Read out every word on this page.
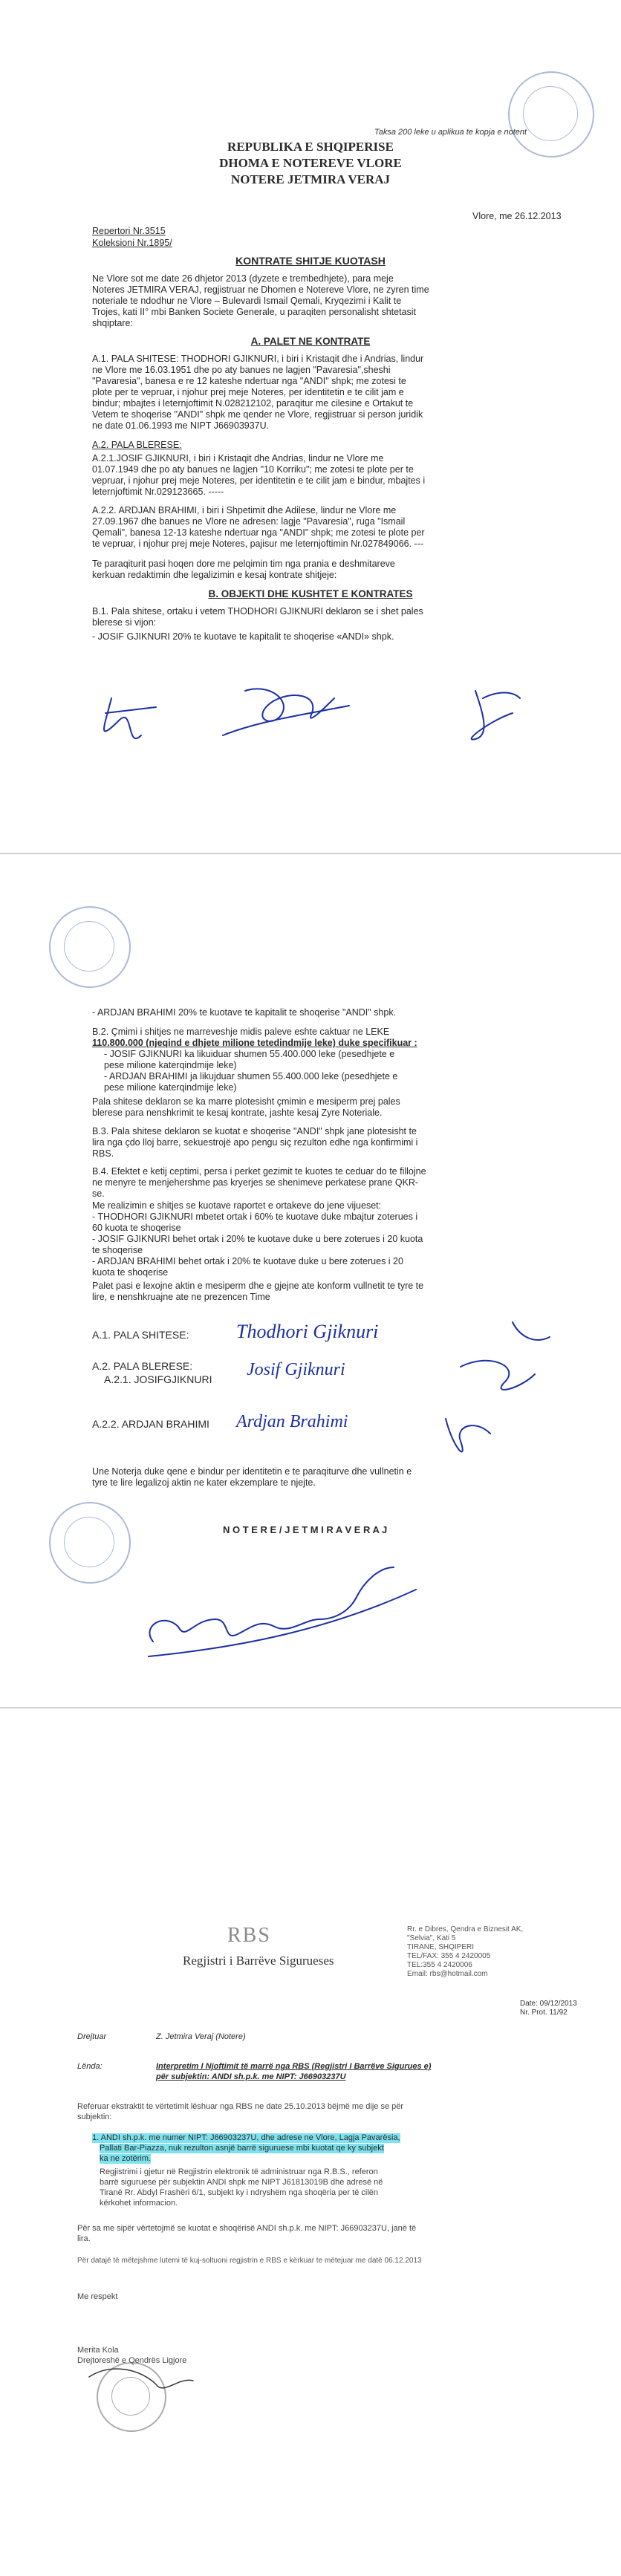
Taksa 200 leke u aplikua te kopja e notent
REPUBLIKA E SHQIPERISE
DHOMA E NOTEREVE VLORE
NOTERE JETMIRA VERAJ
Vlore, me 26.12.2013
Repertori Nr.3515
Koleksioni Nr.1895/
KONTRATE SHITJE KUOTASH
Ne Vlore sot me date 26 dhjetor 2013 (dyzete e trembedhjete), para meje
Noteres JETMIRA VERAJ, regjistruar ne Dhomen e Notereve Vlore, ne zyren time
noteriale te ndodhur ne Vlore – Bulevardi Ismail Qemali, Kryqezimi i Kalit te
Trojes, kati II° mbi Banken Societe Generale, u paraqiten personalisht shtetasit
shqiptare:
A. PALET NE KONTRATE
A.1. PALA SHITESE: THODHORI GJIKNURI, i biri i Kristaqit dhe i Andrias, lindur
ne Vlore me 16.03.1951 dhe po aty banues ne lagjen "Pavaresia",sheshi
"Pavaresia", banesa e re 12 kateshe ndertuar nga "ANDI" shpk; me zotesi te
plote per te vepruar, i njohur prej meje Noteres, per identitetin e te cilit jam e
bindur; mbajtes i leternjoftimit N.028212102, paraqitur me cilesine e Ortakut te
Vetem te shoqerise "ANDI" shpk me qender ne Vlore, regjistruar si person juridik
ne date 01.06.1993 me NIPT J66903937U.
A.2. PALA BLERESE:
A.2.1.JOSIF GJIKNURI, i biri i Kristaqit dhe Andrias, lindur ne Vlore me
01.07.1949 dhe po aty banues ne lagjen "10 Korriku"; me zotesi te plote per te
vepruar, i njohur prej meje Noteres, per identitetin e te cilit jam e bindur, mbajtes i
leternjoftimit Nr.029123665. -----
A.2.2. ARDJAN BRAHIMI, i biri i Shpetimit dhe Adilese, lindur ne Vlore me
27.09.1967 dhe banues ne Vlore ne adresen: lagje "Pavaresia", ruga "Ismail
Qemali", banesa 12-13 kateshe ndertuar nga "ANDI" shpk; me zotesi te plote per
te vepruar, i njohur prej meje Noteres, pajisur me leternjoftimin Nr.027849066. ---
Te paraqiturit pasi hoqen dore me pelqimin tim nga prania e deshmitareve
kerkuan redaktimin dhe legalizimin e kesaj kontrate shitjeje:
B. OBJEKTI DHE KUSHTET E KONTRATES
B.1. Pala shitese, ortaku i vetem THODHORI GJIKNURI deklaron se i shet pales
blerese si vijon:
- JOSIF GJIKNURI 20% te kuotave te kapitalit te shoqerise «ANDI» shpk.
- ARDJAN BRAHIMI 20% te kuotave te kapitalit te shoqerise "ANDI" shpk.
B.2. Çmimi i shitjes ne marreveshje midis paleve eshte caktuar ne LEKE
110.800.000 (njeqind e dhjete milione tetedindmije leke) duke specifikuar :
- JOSIF GJIKNURI ka likuiduar shumen 55.400.000 leke (pesedhjete e
pese milione katerqindmije leke)
- ARDJAN BRAHIMI ja likujduar shumen 55.400.000 leke (pesedhjete e
pese milione katerqindmije leke)
Pala shitese deklaron se ka marre plotesisht çmimin e mesiperm prej pales
blerese para nenshkrimit te kesaj kontrate, jashte kesaj Zyre Noteriale.
B.3. Pala shitese deklaron se kuotat e shoqerise "ANDI" shpk jane plotesisht te
lira nga çdo lloj barre, sekuestrojë apo pengu siç rezulton edhe nga konfirmimi i
RBS.
B.4. Efektet e ketij ceptimi, persa i perket gezimit te kuotes te ceduar do te fillojne
ne menyre te menjehershme pas kryerjes se shenimeve perkatese prane QKR-
se.
Me realizimin e shitjes se kuotave raportet e ortakeve do jene vijueset:
- THODHORI GJIKNURI mbetet ortak i 60% te kuotave duke mbajtur zoterues i
60 kuota te shoqerise
- JOSIF GJIKNURI behet ortak i 20% te kuotave duke u bere zoterues i 20 kuota
te shoqerise
- ARDJAN BRAHIMI behet ortak i 20% te kuotave duke u bere zoterues i 20
kuota te shoqerise
Palet pasi e lexojne aktin e mesiperm dhe e gjejne ate konform vullnetit te tyre te
lire, e nenshkruajne ate ne prezencen Time
A.1. PALA SHITESE:
A.2. PALA BLERESE:
A.2.1. JOSIFGJIKNURI
A.2.2. ARDJAN BRAHIMI
Thodhori Gjiknuri
Josif Gjiknuri
Ardjan Brahimi
Une Noterja duke qene e bindur per identitetin e te paraqiturve dhe vullnetin e
tyre te lire legalizoj aktin ne kater ekzemplare te njejte.
N O T E R E / J E T M I R A V E R A J
RBS
Regjistri i Barrëve Sigurueses
Rr. e Dibres, Qendra e Biznesit AK,
"Selvia", Kati 5
TIRANE, SHQIPERI
TEL/FAX: 355 4 2420005
TEL:355 4 2420006
Email: rbs@hotmail.com
Date: 09/12/2013
Nr. Prot. 11/92
Drejtuar	Z. Jetmira Veraj (Notere)
Lënda:	Interpretim I Njoftimit të marrë nga RBS (Regjistri I Barrëve Sigurues e)
për subjektin: ANDI sh.p.k. me NIPT: J66903237U
Referuar ekstraktit te vërtetimit lëshuar nga RBS ne date 25.10.2013 bëjmë me dije se për
subjektin:
1. ANDI sh.p.k. me numer NIPT: J66903237U, dhe adrese ne Vlore, Lagja Pavarësia,
Pallati Bar-Piazza, nuk rezulton asnjë barrë siguruese mbi kuotat qe ky subjekt
ka ne zotërim.
Regjistrimi i gjetur në Regjistrin elektronik të administruar nga R.B.S., referon
barrë siguruese për subjektin ANDI shpk me NIPT J61813019B dhe adresë në
Tiranë Rr. Abdyl Frashëri 6/1, subjekt ky i ndryshëm nga shoqëria per të cilën
kërkohet informacion.
Për sa me sipër vërtetojmë se kuotat e shoqërisë ANDI sh.p.k. me NIPT: J66903237U, janë të
lira.
Për datajë të mëtejshme lutemi të kuj-soltuoni regjistrin e RBS e kërkuar te mëtejuar me datë 06.12.2013
Me respekt
Merita Kola
Drejtoreshë e Qendrës Ligjore
